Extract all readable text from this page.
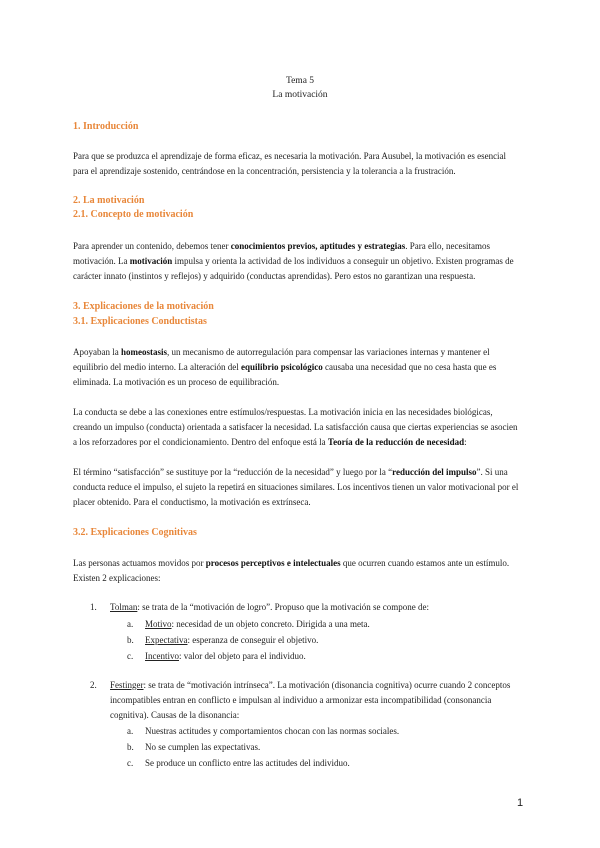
Tema 5
La motivación
1. Introducción
Para que se produzca el aprendizaje de forma eficaz, es necesaria la motivación. Para Ausubel, la motivación es esencial para el aprendizaje sostenido, centrándose en la concentración, persistencia y la tolerancia a la frustración.
2. La motivación
2.1. Concepto de motivación
Para aprender un contenido, debemos tener conocimientos previos, aptitudes y estrategias. Para ello, necesitamos motivación. La motivación impulsa y orienta la actividad de los individuos a conseguir un objetivo. Existen programas de carácter innato (instintos y reflejos) y adquirido (conductas aprendidas). Pero estos no garantizan una respuesta.
3. Explicaciones de la motivación
3.1. Explicaciones Conductistas
Apoyaban la homeostasis, un mecanismo de autorregulación para compensar las variaciones internas y mantener el equilibrio del medio interno. La alteración del equilibrio psicológico causaba una necesidad que no cesa hasta que es eliminada. La motivación es un proceso de equilibración.
La conducta se debe a las conexiones entre estímulos/respuestas. La motivación inicia en las necesidades biológicas, creando un impulso (conducta) orientada a satisfacer la necesidad. La satisfacción causa que ciertas experiencias se asocien a los reforzadores por el condicionamiento. Dentro del enfoque está la Teoría de la reducción de necesidad:
El término “satisfacción” se sustituye por la “reducción de la necesidad” y luego por la “reducción del impulso”. Si una conducta reduce el impulso, el sujeto la repetirá en situaciones similares. Los incentivos tienen un valor motivacional por el placer obtenido. Para el conductismo, la motivación es extrínseca.
3.2. Explicaciones Cognitivas
Las personas actuamos movidos por procesos perceptivos e intelectuales que ocurren cuando estamos ante un estímulo. Existen 2 explicaciones:
1. Tolman: se trata de la “motivación de logro”. Propuso que la motivación se compone de:
a. Motivo: necesidad de un objeto concreto. Dirigida a una meta.
b. Expectativa: esperanza de conseguir el objetivo.
c. Incentivo: valor del objeto para el individuo.
2. Festinger: se trata de “motivación intrínseca”. La motivación (disonancia cognitiva) ocurre cuando 2 conceptos incompatibles entran en conflicto e impulsan al individuo a armonizar esta incompatibilidad (consonancia cognitiva). Causas de la disonancia:
a. Nuestras actitudes y comportamientos chocan con las normas sociales.
b. No se cumplen las expectativas.
c. Se produce un conflicto entre las actitudes del individuo.
1
